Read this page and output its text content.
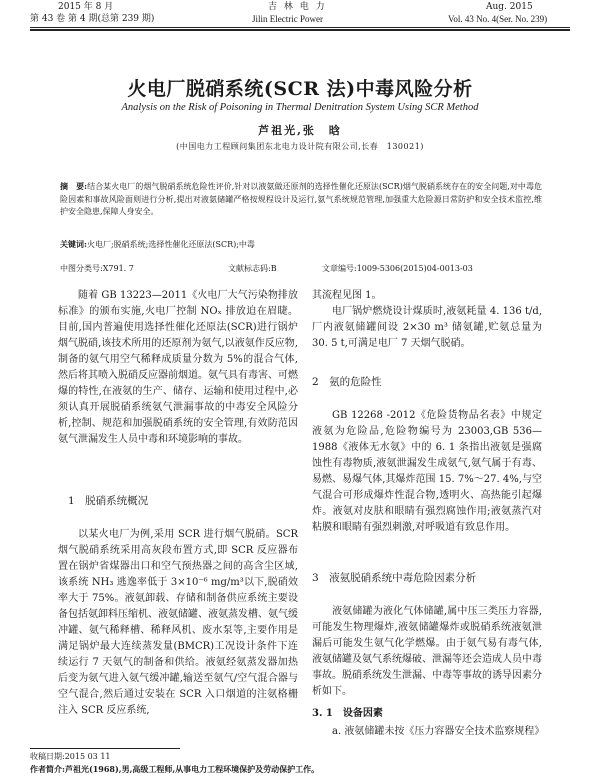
2015 年 8 月	吉 林 电 力	Aug. 2015
第 43 卷 第 4 期(总第 239 期)	Jilin Electric Power	Vol. 43 No. 4(Ser. No. 239)
火电厂脱硝系统(SCR 法)中毒风险分析
Analysis on the Risk of Poisoning in Thermal Denitration System Using SCR Method
芦祖光,张　晗
(中国电力工程顾问集团东北电力设计院有限公司,长春　130021)
摘　要:结合某火电厂的烟气脱硝系统危险性评价,针对以液氨做还原剂的选择性催化还原法(SCR)烟气脱硝系统存在的安全问题,对中毒危险因素和事故风险面则进行分析,提出对液氨储罐严格按规程设计及运行,氨气系统规范管理,加强重大危险源日常防护和安全技术监控,维护安全隐患,保障人身安全。
关键词:火电厂;脱硝系统;选择性催化还原法(SCR);中毒
中图分类号:X791. 7	文献标志码:B	文章编号:1009-5306(2015)04-0013-03

随着 GB 13223—2011《火电厂大气污染物排放标准》的颁布实施,火电厂控制 NOₓ 排放迫在眉睫。目前,国内普遍使用选择性催化还原法(SCR)进行锅炉烟气脱硝,该技术所用的还原剂为氨气,以液氨作反应物,制备的氨气用空气稀释成质量分数为 5%的混合气体,然后将其喷入脱硝反应器前烟道。氨气具有毒害、可燃爆的特性,在液氨的生产、储存、运输和使用过程中,必须认真开展脱硝系统氨气泄漏事故的中毒安全风险分析,控制、规范和加强脱硝系统的安全管理,有效防范因氨气泄漏发生人员中毒和环境影响的事故。

1　脱硝系统概况

以某火电厂为例,采用 SCR 进行烟气脱硝。SCR 烟气脱硝系统采用高灰段布置方式,即 SCR 反应器布置在锅炉省煤器出口和空气预热器之间的高含尘区域,该系统 NH₃ 逃逸率低于 3×10⁻⁶ mg/m³以下,脱硝效率大于 75%。液氨卸载、存储和制备供应系统主要设备包括氨卸料压缩机、液氨储罐、液氨蒸发槽、氨气缓冲罐、氨气稀释槽、稀释风机、废水泵等,主要作用是满足锅炉最大连续蒸发量(BMCR)工况设计条件下连续运行 7 天氨气的制备和供给。液氨经氨蒸发器加热后变为氨气进入氨气缓冲罐,输送至氨气/空气混合器与空气混合,然后通过安装在 SCR 入口烟道的注氨格栅注入 SCR 反应系统,

其流程见图 1。

电厂锅炉燃烧设计煤质时,液氨耗量 4. 136 t/d,厂内液氨储罐间设 2×30 m³ 储氨罐,贮氨总量为 30. 5 t,可满足电厂 7 天烟气脱硝。

2　氨的危险性

GB 12268 -2012《危险货物品名表》中规定液氨为危险品,危险物编号为 23003,GB 536—1988《液体无水氨》中的 6. 1 条指出液氨是强腐蚀性有毒物质,液氨泄漏发生成氨气,氨气属于有毒、易燃、易爆气体,其爆炸范围 15. 7%～27. 4%,与空气混合可形成爆炸性混合物,透明火、高热能引起爆炸。液氨对皮肤和眼睛有强烈腐蚀作用;液氨蒸汽对粘膜和眼睛有强烈刺激,对呼吸道有致息作用。

3　液氨脱硝系统中毒危险因素分析

液氨储罐为液化气体储罐,属中压三类压力容器,可能发生物理爆炸,液氨储罐爆炸或脱硝系统液氨泄漏后可能发生氨气化学燃爆。由于氨气易有毒气体,液氨储罐及氨气系统爆破、泄漏等还会造成人员中毒事故。脱硝系统发生泄漏、中毒等事故的诱导因素分析如下。

3. 1　设备因素

a. 液氨储罐未按《压力容器安全技术监察规程》

收稿日期:2015 03 11
作者简介:芦祖光(1968),男,高级工程师,从事电力工程环境保护及劳动保护工作。
